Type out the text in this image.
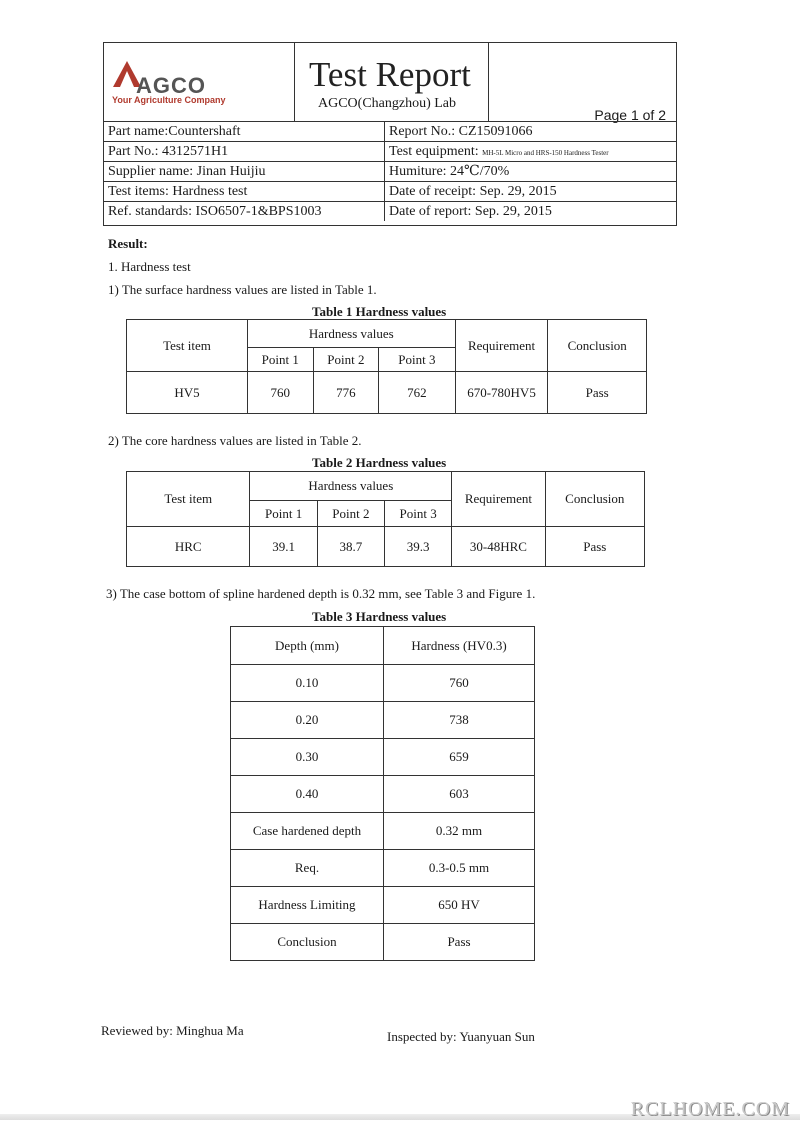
AGCO
Your Agriculture Company
Test Report
AGCO(Changzhou) Lab
Page 1 of 2
Part name:Countershaft	Report No.: CZ15091066
Part No.: 4312571H1	Test equipment: MH-5L Micro and HRS-150 Hardness Tester
Supplier name: Jinan Huijiu	Humiture: 24℃/70%
Test items: Hardness test	Date of receipt: Sep. 29, 2015
Ref. standards: ISO6507-1&BPS1003	Date of report: Sep. 29, 2015
Result:
1. Hardness test
1) The surface hardness values are listed in Table 1.
Table 1 Hardness values
Test item	Hardness values			Requirement	Conclusion
	Point 1	Point 2	Point 3		
HV5	760	776	762	670-780HV5	Pass
2) The core hardness values are listed in Table 2.
Table 2 Hardness values
Test item	Hardness values			Requirement	Conclusion
	Point 1	Point 2	Point 3		
HRC	39.1	38.7	39.3	30-48HRC	Pass
3) The case bottom of spline hardened depth is 0.32 mm, see Table 3 and Figure 1.
Table 3 Hardness values
Depth (mm)	Hardness (HV0.3)
0.10	760
0.20	738
0.30	659
0.40	603
Case hardened depth	0.32 mm
Req.	0.3-0.5 mm
Hardness Limiting	650 HV
Conclusion	Pass
Reviewed by: Minghua Ma	Inspected by: Yuanyuan Sun
RCLHOME.COM
